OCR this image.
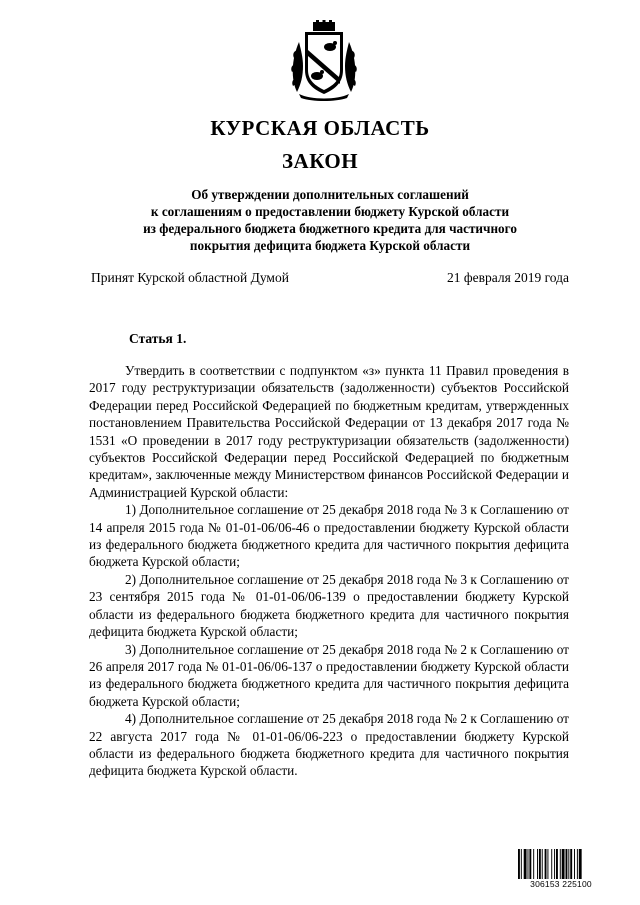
КУРСКАЯ ОБЛАСТЬ
ЗАКОН
Об утверждении дополнительных соглашений
к соглашениям о предоставлении бюджету Курской области
из федерального бюджета бюджетного кредита для частичного
покрытия дефицита бюджета Курской области
Принят Курской областной Думой	21 февраля 2019 года
Статья 1.

Утвердить в соответствии с подпунктом «з» пункта 11 Правил проведения в 2017 году реструктуризации обязательств (задолженности) субъектов Российской Федерации перед Российской Федерацией по бюджетным кредитам, утвержденных постановлением Правительства Российской Федерации от 13 декабря 2017 года № 1531 «О проведении в 2017 году реструктуризации обязательств (задолженности) субъектов Российской Федерации перед Российской Федерацией по бюджетным кредитам», заключенные между Министерством финансов Российской Федерации и Администрацией Курской области:

1) Дополнительное соглашение от 25 декабря 2018 года № 3 к Соглашению от 14 апреля 2015 года № 01-01-06/06-46 о предоставлении бюджету Курской области из федерального бюджета бюджетного кредита для частичного покрытия дефицита бюджета Курской области;

2) Дополнительное соглашение от 25 декабря 2018 года № 3 к Соглашению от 23 сентября 2015 года № 01-01-06/06-139 о предоставлении бюджету Курской области из федерального бюджета бюджетного кредита для частичного покрытия дефицита бюджета Курской области;

3) Дополнительное соглашение от 25 декабря 2018 года № 2 к Соглашению от 26 апреля 2017 года № 01-01-06/06-137 о предоставлении бюджету Курской области из федерального бюджета бюджетного кредита для частичного покрытия дефицита бюджета Курской области;

4) Дополнительное соглашение от 25 декабря 2018 года № 2 к Соглашению от 22 августа 2017 года № 01-01-06/06-223 о предоставлении бюджету Курской области из федерального бюджета бюджетного кредита для частичного покрытия дефицита бюджета Курской области.

306153 225100
